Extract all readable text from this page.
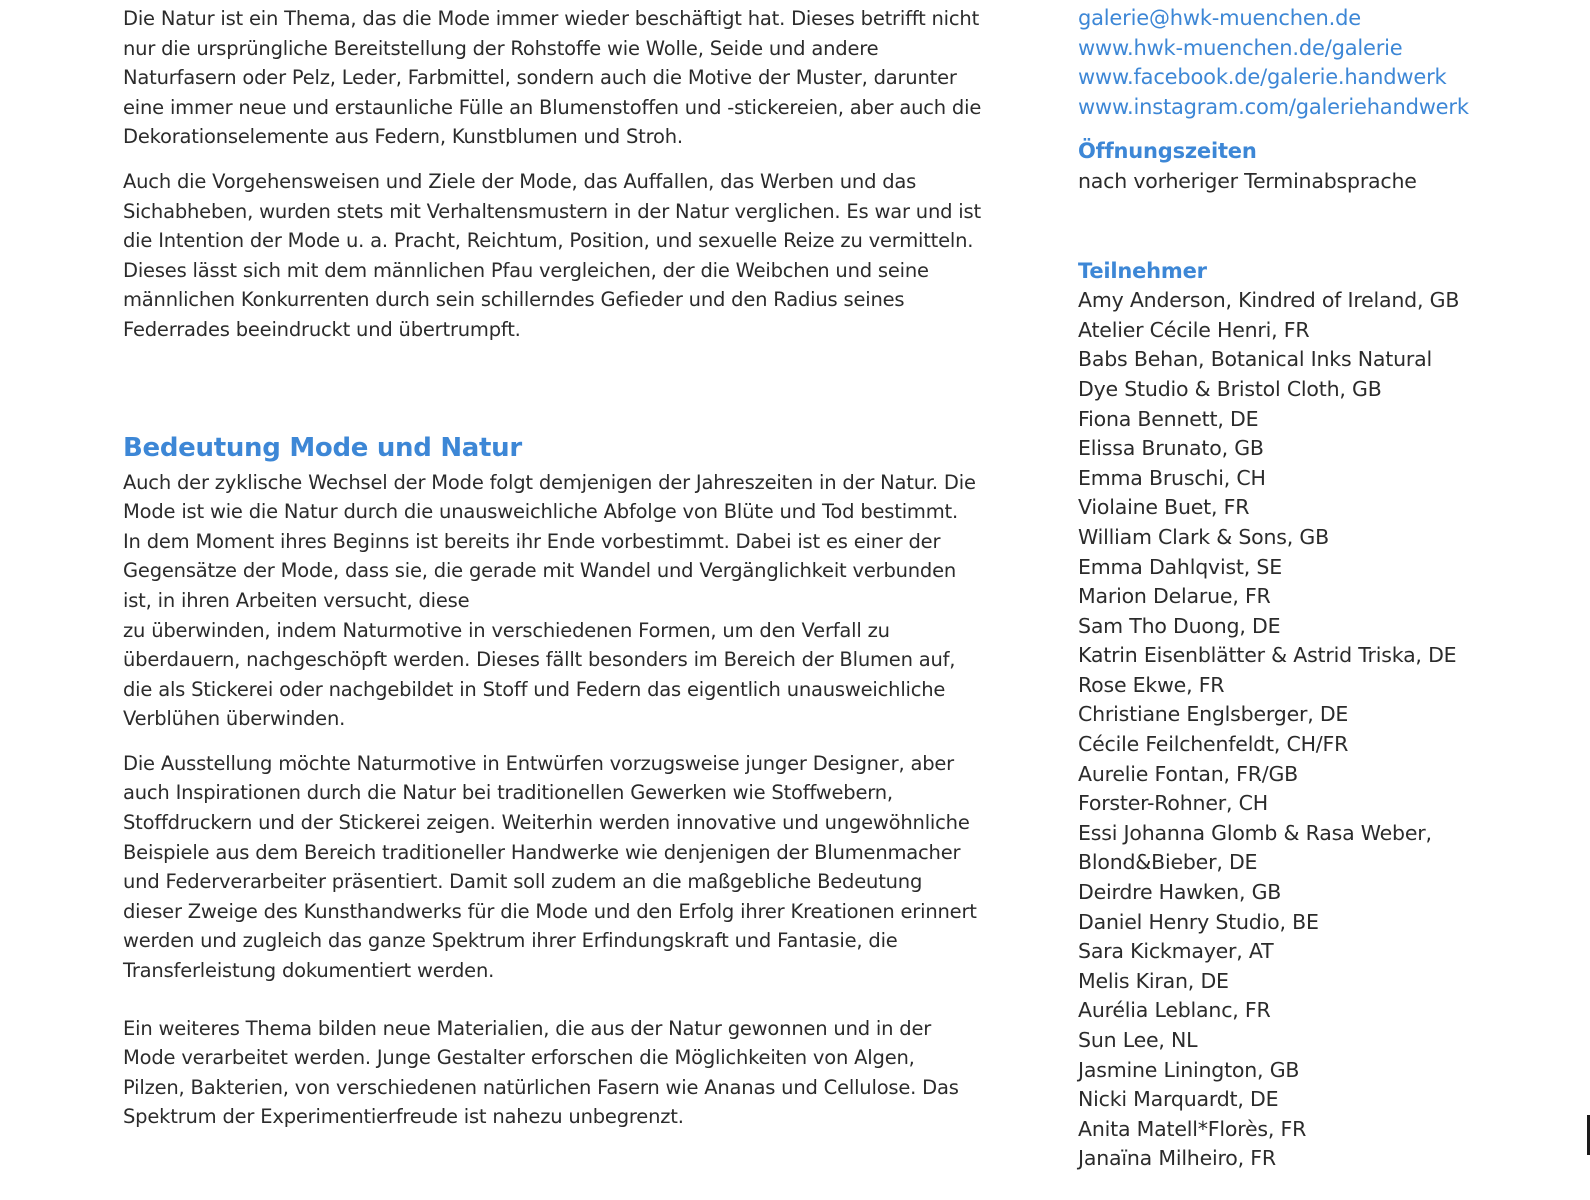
Die Natur ist ein Thema, das die Mode immer wieder beschäftigt hat. Dieses betrifft nicht
nur die ursprüngliche Bereitstellung der Rohstoffe wie Wolle, Seide und andere
Naturfasern oder Pelz, Leder, Farbmittel, sondern auch die Motive der Muster, darunter
eine immer neue und erstaunliche Fülle an Blumenstoffen und -stickereien, aber auch die
Dekorationselemente aus Federn, Kunstblumen und Stroh.

Auch die Vorgehensweisen und Ziele der Mode, das Auffallen, das Werben und das
Sichabheben, wurden stets mit Verhaltensmustern in der Natur verglichen. Es war und ist
die Intention der Mode u. a. Pracht, Reichtum, Position, und sexuelle Reize zu vermitteln.
Dieses lässt sich mit dem männlichen Pfau vergleichen, der die Weibchen und seine
männlichen Konkurrenten durch sein schillerndes Gefieder und den Radius seines
Federrades beeindruckt und übertrumpft.

Bedeutung Mode und Natur

Auch der zyklische Wechsel der Mode folgt demjenigen der Jahreszeiten in der Natur. Die
Mode ist wie die Natur durch die unausweichliche Abfolge von Blüte und Tod bestimmt.
In dem Moment ihres Beginns ist bereits ihr Ende vorbestimmt. Dabei ist es einer der
Gegensätze der Mode, dass sie, die gerade mit Wandel und Vergänglichkeit verbunden
ist, in ihren Arbeiten versucht, diese
zu überwinden, indem Naturmotive in verschiedenen Formen, um den Verfall zu
überdauern, nachgeschöpft werden. Dieses fällt besonders im Bereich der Blumen auf,
die als Stickerei oder nachgebildet in Stoff und Federn das eigentlich unausweichliche
Verblühen überwinden.

Die Ausstellung möchte Naturmotive in Entwürfen vorzugsweise junger Designer, aber
auch Inspirationen durch die Natur bei traditionellen Gewerken wie Stoffwebern,
Stoffdruckern und der Stickerei zeigen. Weiterhin werden innovative und ungewöhnliche
Beispiele aus dem Bereich traditioneller Handwerke wie denjenigen der Blumenmacher
und Federverarbeiter präsentiert. Damit soll zudem an die maßgebliche Bedeutung
dieser Zweige des Kunsthandwerks für die Mode und den Erfolg ihrer Kreationen erinnert
werden und zugleich das ganze Spektrum ihrer Erfindungskraft und Fantasie, die
Transferleistung dokumentiert werden.

Ein weiteres Thema bilden neue Materialien, die aus der Natur gewonnen und in der
Mode verarbeitet werden. Junge Gestalter erforschen die Möglichkeiten von Algen,
Pilzen, Bakterien, von verschiedenen natürlichen Fasern wie Ananas und Cellulose. Das
Spektrum der Experimentierfreude ist nahezu unbegrenzt.

galerie@hwk-muenchen.de
www.hwk-muenchen.de/galerie
www.facebook.de/galerie.handwerk
www.instagram.com/galeriehandwerk
Öffnungszeiten
nach vorheriger Terminabsprache
Teilnehmer
Amy Anderson, Kindred of Ireland, GB
Atelier Cécile Henri, FR
Babs Behan, Botanical Inks Natural
Dye Studio & Bristol Cloth, GB
Fiona Bennett, DE
Elissa Brunato, GB
Emma Bruschi, CH
Violaine Buet, FR
William Clark & Sons, GB
Emma Dahlqvist, SE
Marion Delarue, FR
Sam Tho Duong, DE
Katrin Eisenblätter & Astrid Triska, DE
Rose Ekwe, FR
Christiane Englsberger, DE
Cécile Feilchenfeldt, CH/FR
Aurelie Fontan, FR/GB
Forster-Rohner, CH
Essi Johanna Glomb & Rasa Weber,
Blond&Bieber, DE
Deirdre Hawken, GB
Daniel Henry Studio, BE
Sara Kickmayer, AT
Melis Kiran, DE
Aurélia Leblanc, FR
Sun Lee, NL
Jasmine Linington, GB
Nicki Marquardt, DE
Anita Matell*Florès, FR
Janaïna Milheiro, FR
